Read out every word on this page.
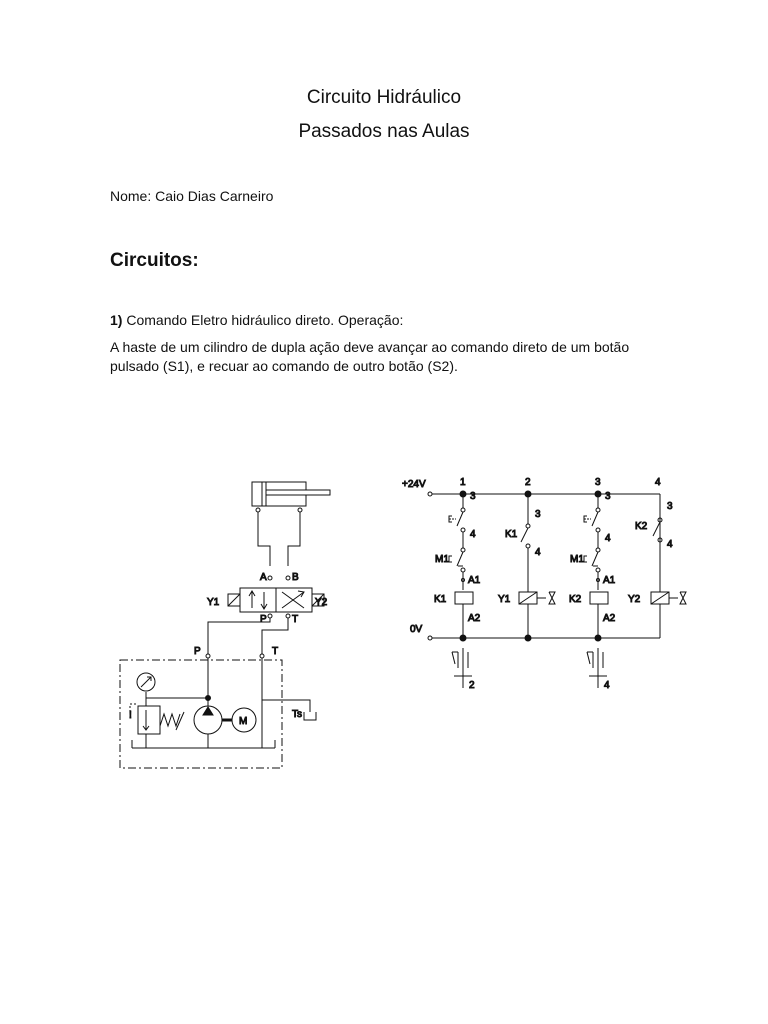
Circuito Hidráulico
Passados nas Aulas
Nome: Caio Dias Carneiro
Circuitos:
1) Comando Eletro hidráulico direto. Operação:
A haste de um cilindro de dupla ação deve avançar ao comando direto de um botão pulsado (S1), e recuar ao comando de outro botão (S2).
A	B
P	T
Y1	Y2
P	T
!
M
Ts
+24V
0V
1	2	3	4
3
4
M1
A1
K1
A2
3
K1
4
Y1
3
4
M1
A1
K2
A2
3
K2
4
Y2
2	4
